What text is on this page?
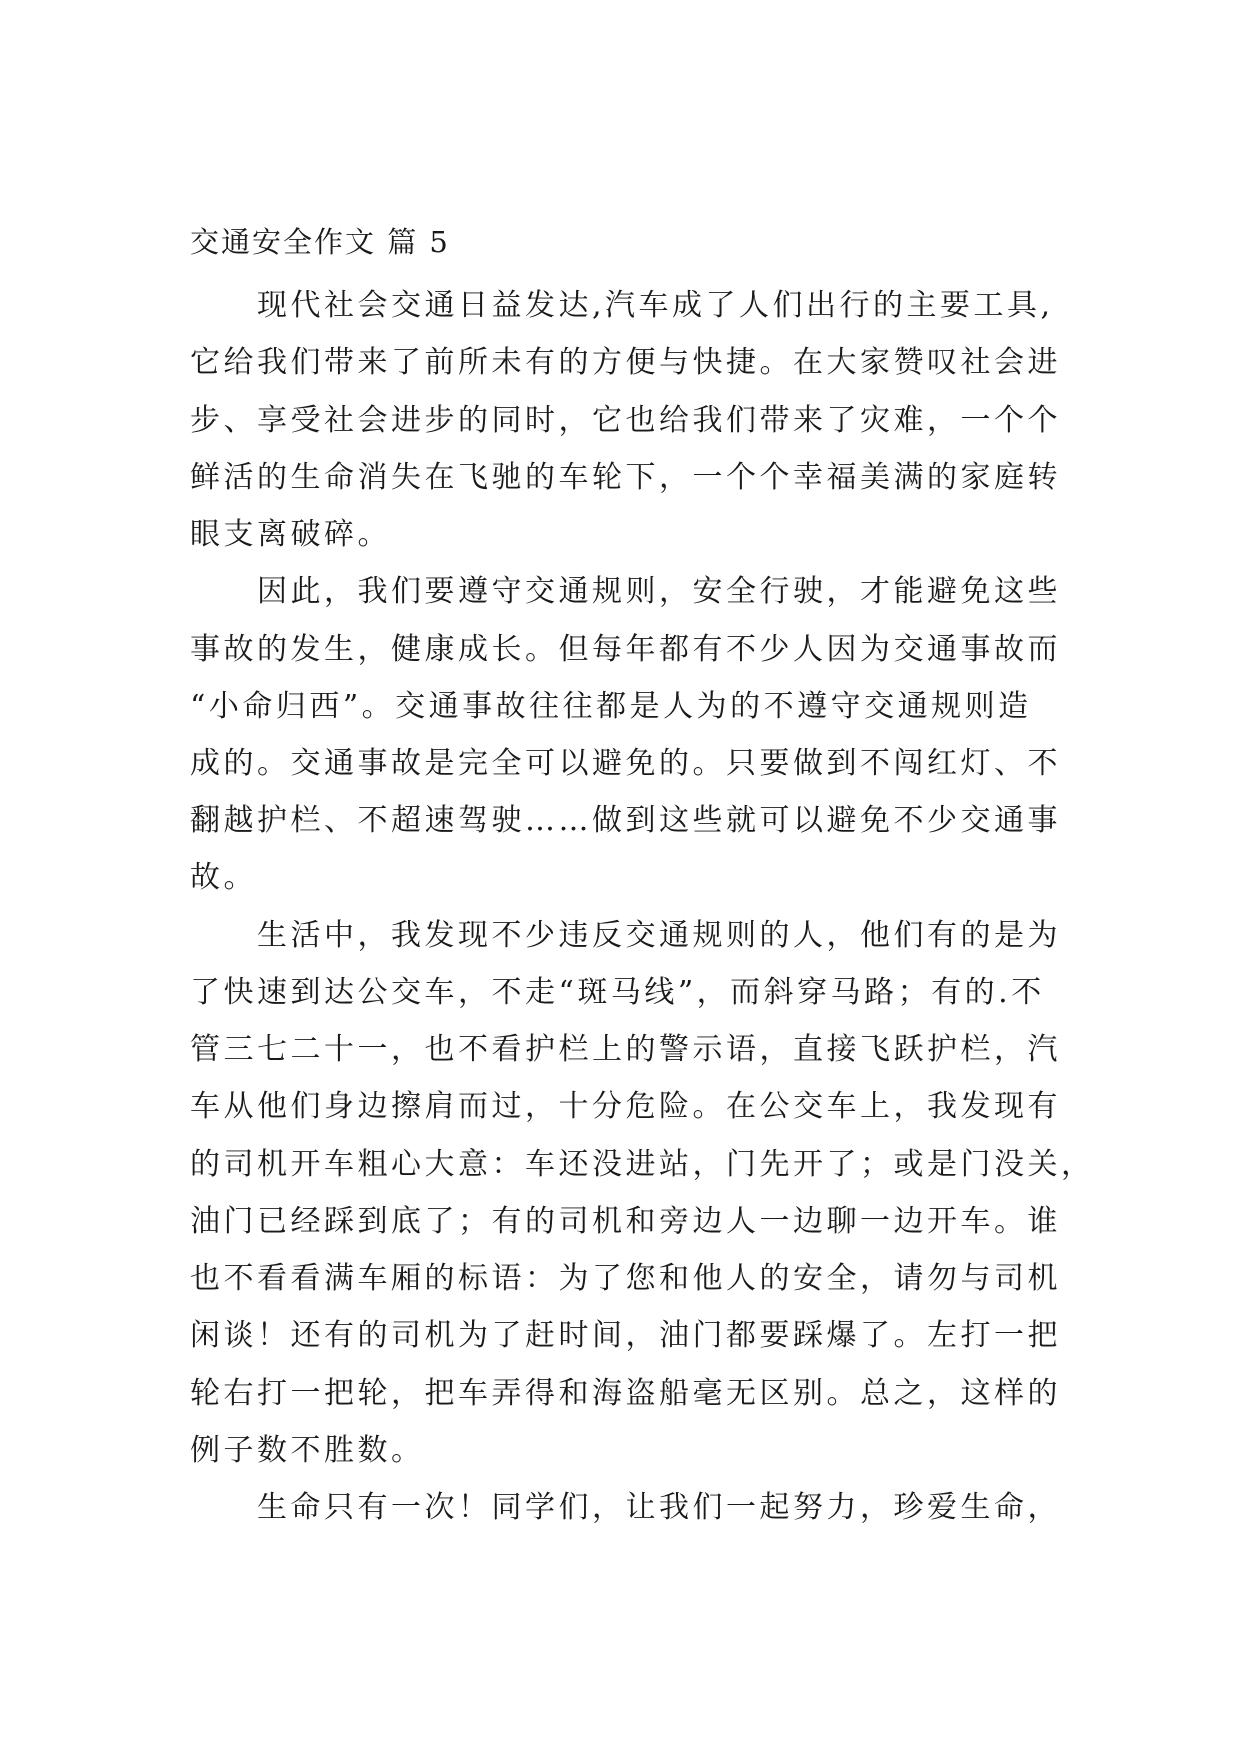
交通安全作文 篇 5

现代社会交通日益发达,汽车成了人们出行的主要工具,

它给我们带来了前所未有的方便与快捷。在大家赞叹社会进

步、享受社会进步的同时，它也给我们带来了灾难，一个个

鲜活的生命消失在飞驰的车轮下，一个个幸福美满的家庭转

眼支离破碎。

因此，我们要遵守交通规则，安全行驶，才能避免这些

事故的发生，健康成长。但每年都有不少人因为交通事故而

“小命归西”。交通事故往往都是人为的不遵守交通规则造

成的。交通事故是完全可以避免的。只要做到不闯红灯、不

翻越护栏、不超速驾驶……做到这些就可以避免不少交通事

故。

生活中，我发现不少违反交通规则的人，他们有的是为

了快速到达公交车，不走“斑马线”，而斜穿马路；有的.不

管三七二十一，也不看护栏上的警示语，直接飞跃护栏，汽

车从他们身边擦肩而过，十分危险。在公交车上，我发现有

的司机开车粗心大意：车还没进站，门先开了；或是门没关，

油门已经踩到底了；有的司机和旁边人一边聊一边开车。谁

也不看看满车厢的标语：为了您和他人的安全，请勿与司机

闲谈！还有的司机为了赶时间，油门都要踩爆了。左打一把

轮右打一把轮，把车弄得和海盗船毫无区别。总之，这样的

例子数不胜数。

生命只有一次！同学们，让我们一起努力，珍爱生命，
